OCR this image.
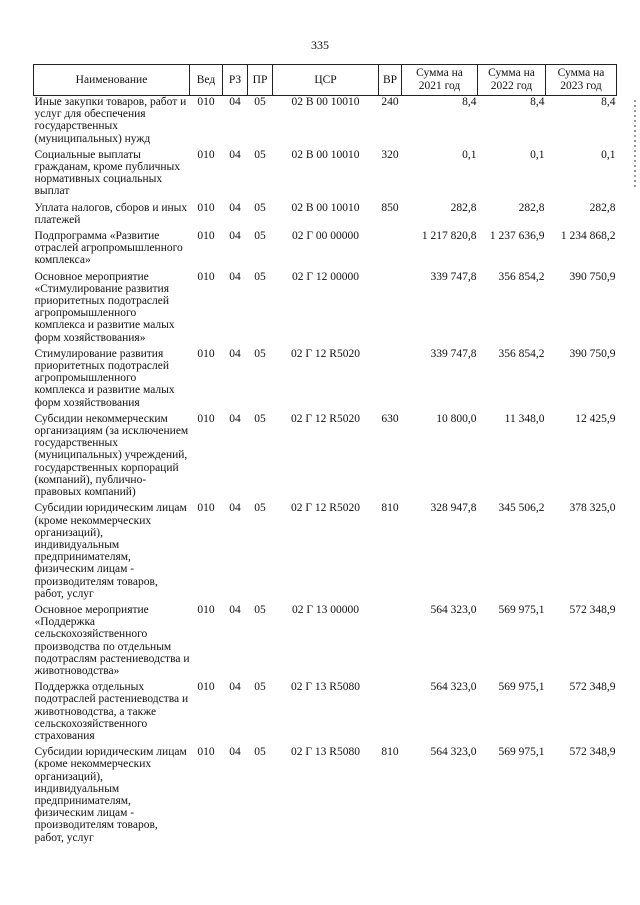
335
Наименование	Вед	РЗ	ПР	ЦСР	ВР	Сумма на 2021 год	Сумма на 2022 год	Сумма на 2023 год
Иные закупки товаров, работ и услуг для обеспечения государственных (муниципальных) нужд	010	04	05	02 В 00 10010	240	8,4	8,4	8,4
Социальные выплаты гражданам, кроме публичных нормативных социальных выплат	010	04	05	02 В 00 10010	320	0,1	0,1	0,1
Уплата налогов, сборов и иных платежей	010	04	05	02 В 00 10010	850	282,8	282,8	282,8
Подпрограмма «Развитие отраслей агропромышленного комплекса»	010	04	05	02 Г 00 00000		1 217 820,8	1 237 636,9	1 234 868,2
Основное мероприятие «Стимулирование развития приоритетных подотраслей агропромышленного комплекса и развитие малых форм хозяйствования»	010	04	05	02 Г 12 00000		339 747,8	356 854,2	390 750,9
Стимулирование развития приоритетных подотраслей агропромышленного комплекса и развитие малых форм хозяйствования	010	04	05	02 Г 12 R5020		339 747,8	356 854,2	390 750,9
Субсидии некоммерческим организациям (за исключением государственных (муниципальных) учреждений, государственных корпораций (компаний), публично-правовых компаний)	010	04	05	02 Г 12 R5020	630	10 800,0	11 348,0	12 425,9
Субсидии юридическим лицам (кроме некоммерческих организаций), индивидуальным предпринимателям, физическим лицам - производителям товаров, работ, услуг	010	04	05	02 Г 12 R5020	810	328 947,8	345 506,2	378 325,0
Основное мероприятие «Поддержка сельскохозяйственного производства по отдельным подотраслям растениеводства и животноводства»	010	04	05	02 Г 13 00000		564 323,0	569 975,1	572 348,9
Поддержка отдельных подотраслей растениеводства и животноводства, а также сельскохозяйственного страхования	010	04	05	02 Г 13 R5080		564 323,0	569 975,1	572 348,9
Субсидии юридическим лицам (кроме некоммерческих организаций), индивидуальным предпринимателям, физическим лицам - производителям товаров, работ, услуг	010	04	05	02 Г 13 R5080	810	564 323,0	569 975,1	572 348,9
